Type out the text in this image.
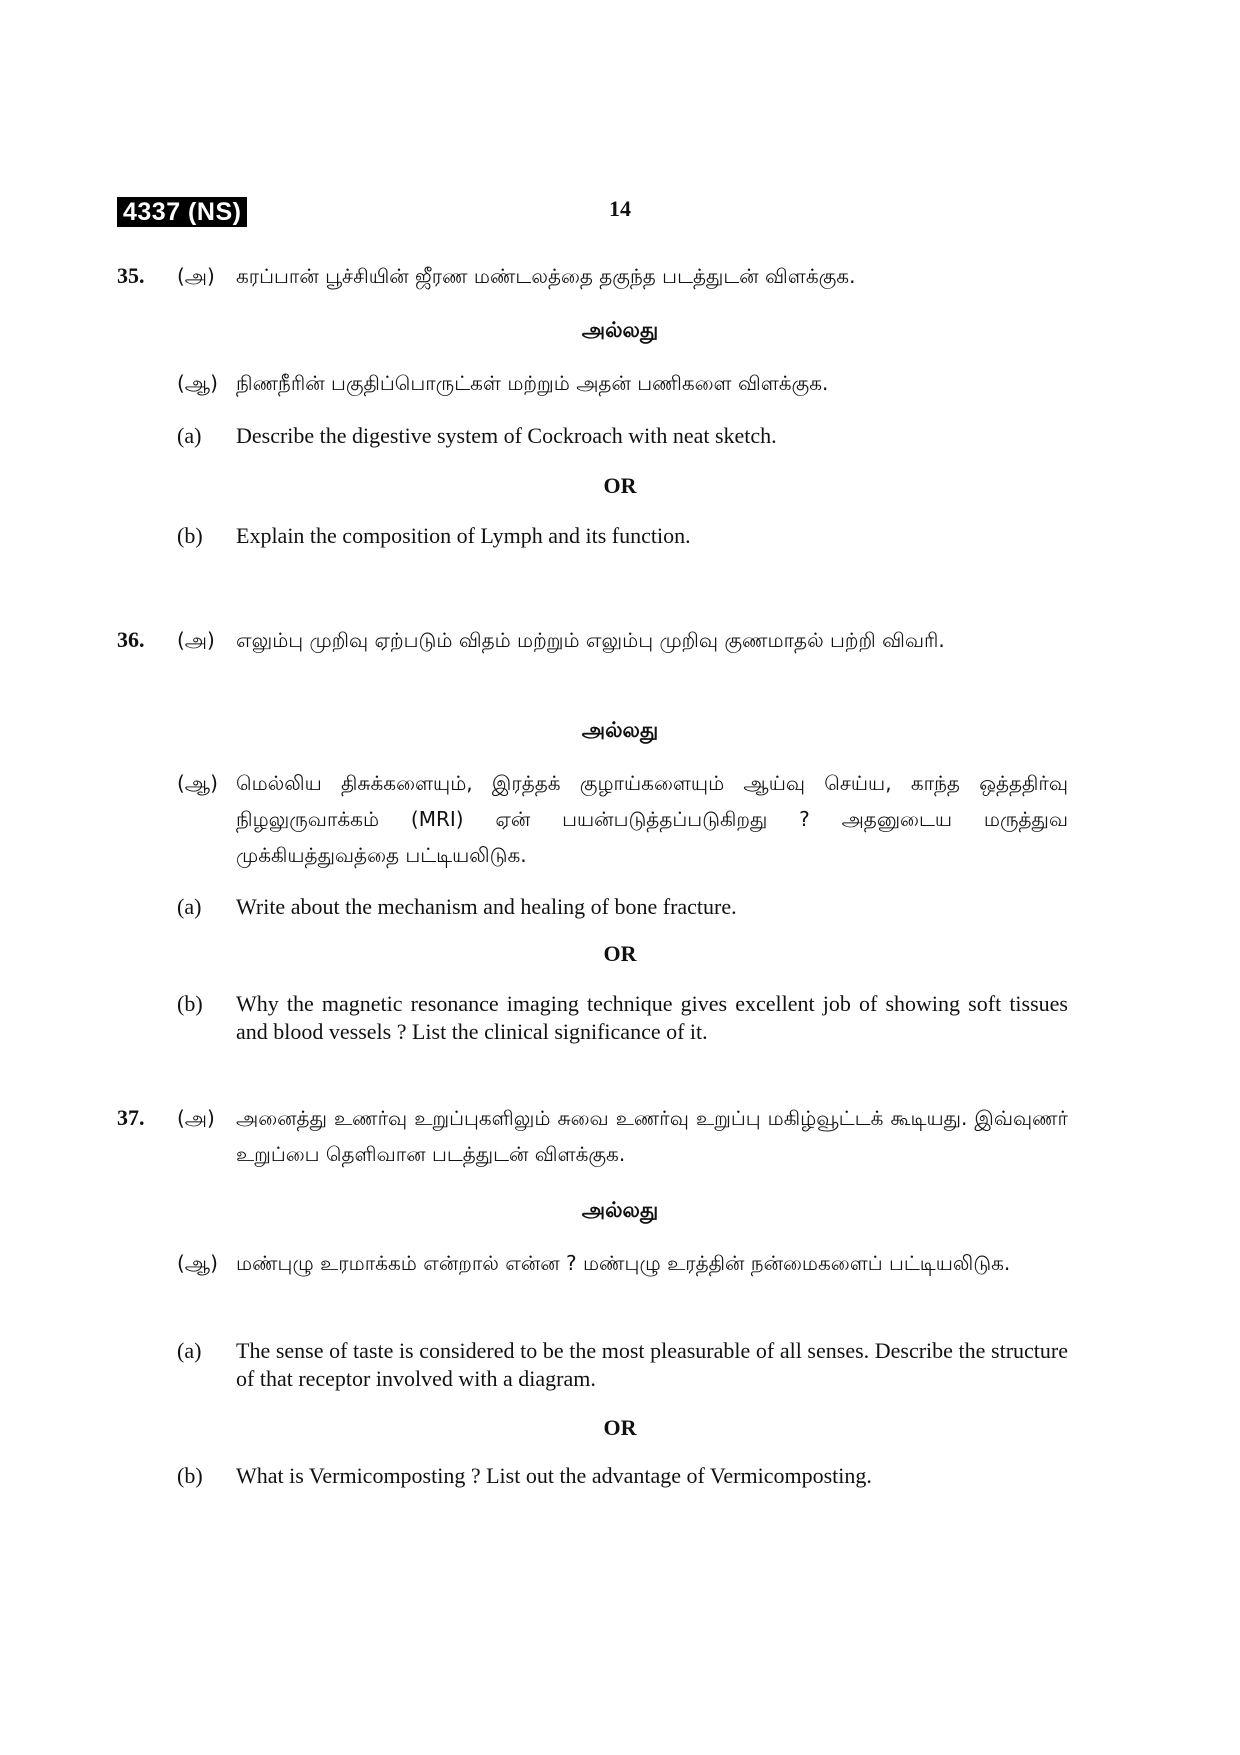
4337 (NS)	14
35. (அ) கரப்பான் பூச்சியின் ஜீரண மண்டலத்தை தகுந்த படத்துடன் விளக்குக.
அல்லது
(ஆ) நிணநீரின் பகுதிப்பொருட்கள் மற்றும் அதன் பணிகளை விளக்குக.
(a) Describe the digestive system of Cockroach with neat sketch.
OR
(b) Explain the composition of Lymph and its function.
36. (அ) எலும்பு முறிவு ஏற்படும் விதம் மற்றும் எலும்பு முறிவு குணமாதல் பற்றி விவரி.
அல்லது
(ஆ) மெல்லிய திசுக்களையும், இரத்தக் குழாய்களையும் ஆய்வு செய்ய, காந்த ஒத்ததிர்வு நிழலுருவாக்கம் (MRI) ஏன் பயன்படுத்தப்படுகிறது ? அதனுடைய மருத்துவ முக்கியத்துவத்தை பட்டியலிடுக.
(a) Write about the mechanism and healing of bone fracture.
OR
(b) Why the magnetic resonance imaging technique gives excellent job of showing soft tissues and blood vessels ? List the clinical significance of it.
37. (அ) அனைத்து உணர்வு உறுப்புகளிலும் சுவை உணர்வு உறுப்பு மகிழ்வூட்டக் கூடியது. இவ்வுணர் உறுப்பை தெளிவான படத்துடன் விளக்குக.
அல்லது
(ஆ) மண்புழு உரமாக்கம் என்றால் என்ன ? மண்புழு உரத்தின் நன்மைகளைப் பட்டியலிடுக.
(a) The sense of taste is considered to be the most pleasurable of all senses. Describe the structure of that receptor involved with a diagram.
OR
(b) What is Vermicomposting ? List out the advantage of Vermicomposting.
